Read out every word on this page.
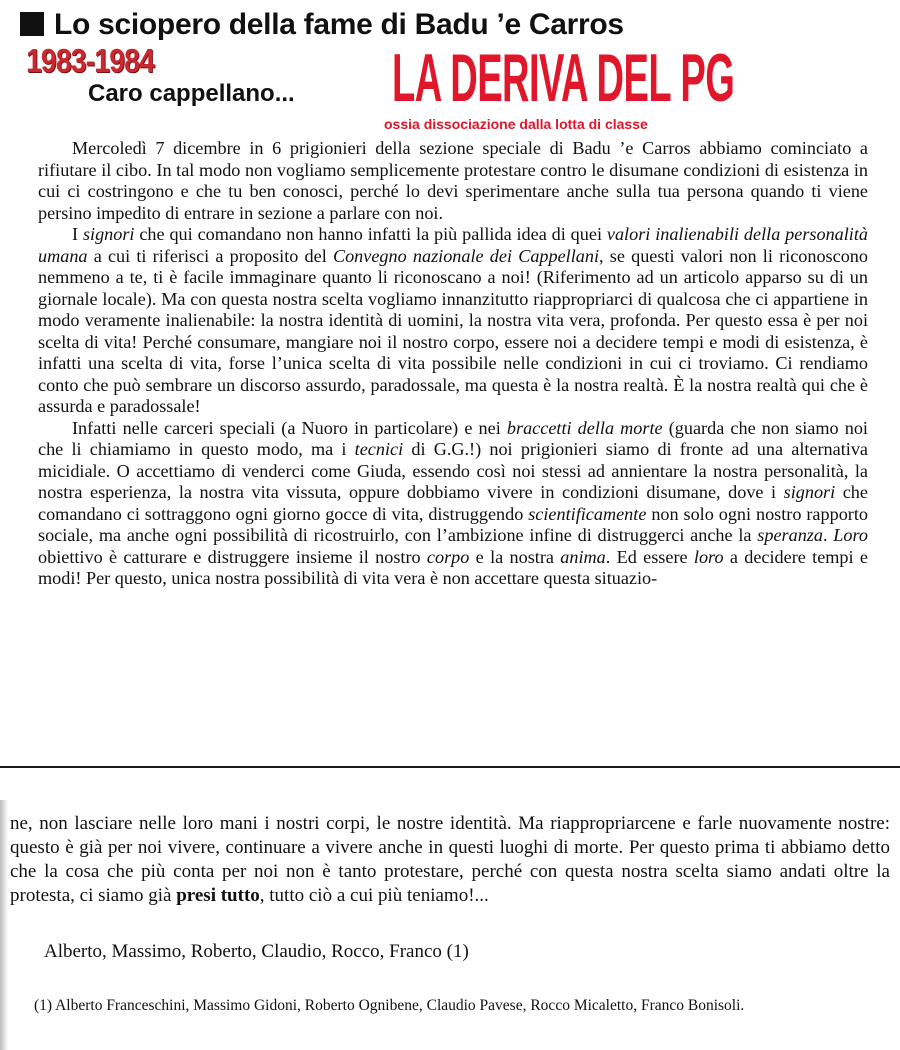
Lo sciopero della fame di Badu ’e Carros
1983-1984
Caro cappellano... LA DERIVA DEL PG
ossia dissociazione dalla lotta di classe

Mercoledì 7 dicembre in 6 prigionieri della sezione speciale di Badu ’e Carros abbiamo cominciato a rifiutare il cibo. In tal modo non vogliamo semplicemente protestare contro le disumane condizioni di esistenza in cui ci costringono e che tu ben conosci, perché lo devi sperimentare anche sulla tua persona quando ti viene persino impedito di entrare in sezione a parlare con noi.

I signori che qui comandano non hanno infatti la più pallida idea di quei valori inalienabili della personalità umana a cui ti riferisci a proposito del Convegno nazionale dei Cappellani, se questi valori non li riconoscono nemmeno a te, ti è facile immaginare quanto li riconoscano a noi! (Riferimento ad un articolo apparso su di un giornale locale). Ma con questa nostra scelta vogliamo innanzitutto riappropriarci di qualcosa che ci appartiene in modo veramente inalienabile: la nostra identità di uomini, la nostra vita vera, profonda. Per questo essa è per noi scelta di vita! Perché consumare, mangiare noi il nostro corpo, essere noi a decidere tempi e modi di esistenza, è infatti una scelta di vita, forse l’unica scelta di vita possibile nelle condizioni in cui ci troviamo. Ci rendiamo conto che può sembrare un discorso assurdo, paradossale, ma questa è la nostra realtà. È la nostra realtà qui che è assurda e paradossale!

Infatti nelle carceri speciali (a Nuoro in particolare) e nei braccetti della morte (guarda che non siamo noi che li chiamiamo in questo modo, ma i tecnici di G.G.!) noi prigionieri siamo di fronte ad una alternativa micidiale. O accettiamo di venderci come Giuda, essendo così noi stessi ad annientare la nostra personalità, la nostra esperienza, la nostra vita vissuta, oppure dobbiamo vivere in condizioni disumane, dove i signori che comandano ci sottraggono ogni giorno gocce di vita, distruggendo scientificamente non solo ogni nostro rapporto sociale, ma anche ogni possibilità di ricostruirlo, con l’ambizione infine di distruggerci anche la speranza. Loro obiettivo è catturare e distruggere insieme il nostro corpo e la nostra anima. Ed essere loro a decidere tempi e modi! Per questo, unica nostra possibilità di vita vera è non accettare questa situazio-

ne, non lasciare nelle loro mani i nostri corpi, le nostre identità. Ma riappropriarcene e farle nuovamente nostre: questo è già per noi vivere, continuare a vivere anche in questi luoghi di morte. Per questo prima ti abbiamo detto che la cosa che più conta per noi non è tanto protestare, perché con questa nostra scelta siamo andati oltre la protesta, ci siamo già presi tutto, tutto ciò a cui più teniamo!...

Alberto, Massimo, Roberto, Claudio, Rocco, Franco (1)
(1) Alberto Franceschini, Massimo Gidoni, Roberto Ognibene, Claudio Pavese, Rocco Micaletto, Franco Bonisoli.
